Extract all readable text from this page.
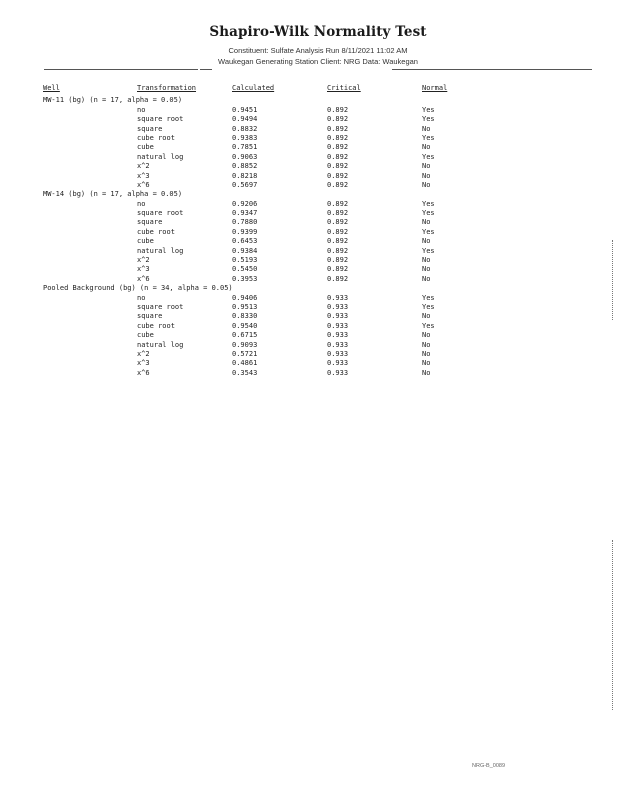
Shapiro-Wilk Normality Test
Constituent: Sulfate Analysis Run 8/11/2021 11:02 AM
Waukegan Generating Station Client: NRG Data: Waukegan
Well	Transformation	Calculated	Critical	Normal
MW-11 (bg) (n = 17, alpha = 0.05)
no	0.9451	0.892	Yes
square root	0.9494	0.892	Yes
square	0.8832	0.892	No
cube root	0.9383	0.892	Yes
cube	0.7851	0.892	No
natural log	0.9063	0.892	Yes
x^2	0.8852	0.892	No
x^3	0.8218	0.892	No
x^6	0.5697	0.892	No
MW-14 (bg) (n = 17, alpha = 0.05)
no	0.9206	0.892	Yes
square root	0.9347	0.892	Yes
square	0.7880	0.892	No
cube root	0.9399	0.892	Yes
cube	0.6453	0.892	No
natural log	0.9384	0.892	Yes
x^2	0.5193	0.892	No
x^3	0.5450	0.892	No
x^6	0.3953	0.892	No
Pooled Background (bg) (n = 34, alpha = 0.05)
no	0.9406	0.933	Yes
square root	0.9513	0.933	Yes
square	0.8330	0.933	No
cube root	0.9540	0.933	Yes
cube	0.6715	0.933	No
natural log	0.9093	0.933	No
x^2	0.5721	0.933	No
x^3	0.4861	0.933	No
x^6	0.3543	0.933	No
NRG-B_0089
